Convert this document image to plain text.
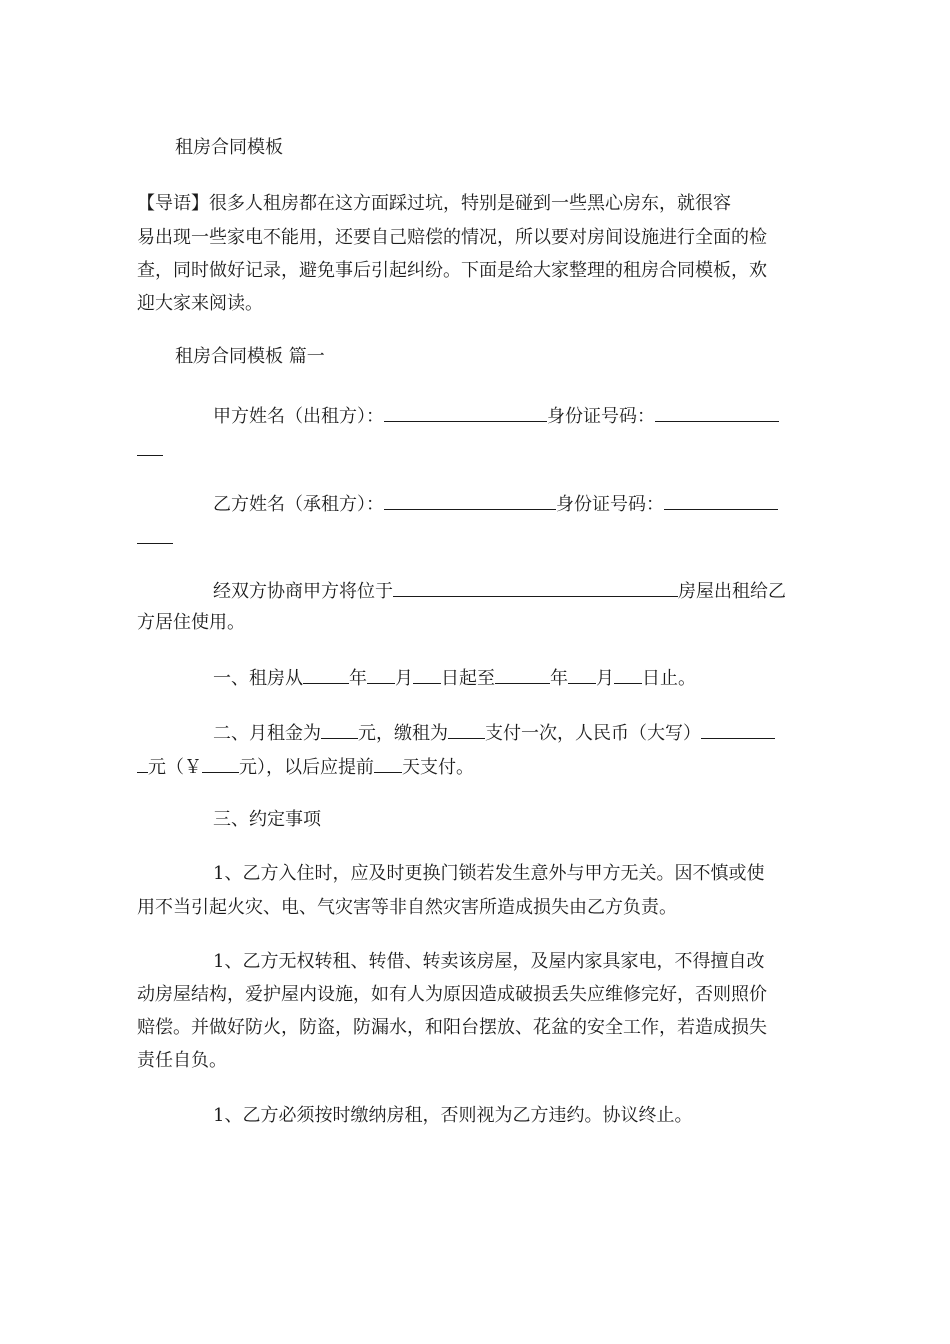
租房合同模板
【导语】很多人租房都在这方面踩过坑，特别是碰到一些黑心房东，就很容
易出现一些家电不能用，还要自己赔偿的情况，所以要对房间设施进行全面的检
查，同时做好记录，避免事后引起纠纷。下面是给大家整理的租房合同模板，欢
迎大家来阅读。
租房合同模板 篇一
甲方姓名（出租方）：	身份证号码：
乙方姓名（承租方）：	身份证号码：
经双方协商甲方将位于	房屋出租给乙
方居住使用。
一、租房从	年 月 日起至	年 月 日止。
二、月租金为 元，缴租为 支付一次，人民币（大写）
元（￥ 元），以后应提前 天支付。
三、约定事项
1、乙方入住时，应及时更换门锁若发生意外与甲方无关。因不慎或使
用不当引起火灾、电、气灾害等非自然灾害所造成损失由乙方负责。
1、乙方无权转租、转借、转卖该房屋，及屋内家具家电，不得擅自改
动房屋结构，爱护屋内设施，如有人为原因造成破损丢失应维修完好，否则照价
赔偿。并做好防火，防盗，防漏水，和阳台摆放、花盆的安全工作，若造成损失
责任自负。
1、乙方必须按时缴纳房租，否则视为乙方违约。协议终止。
